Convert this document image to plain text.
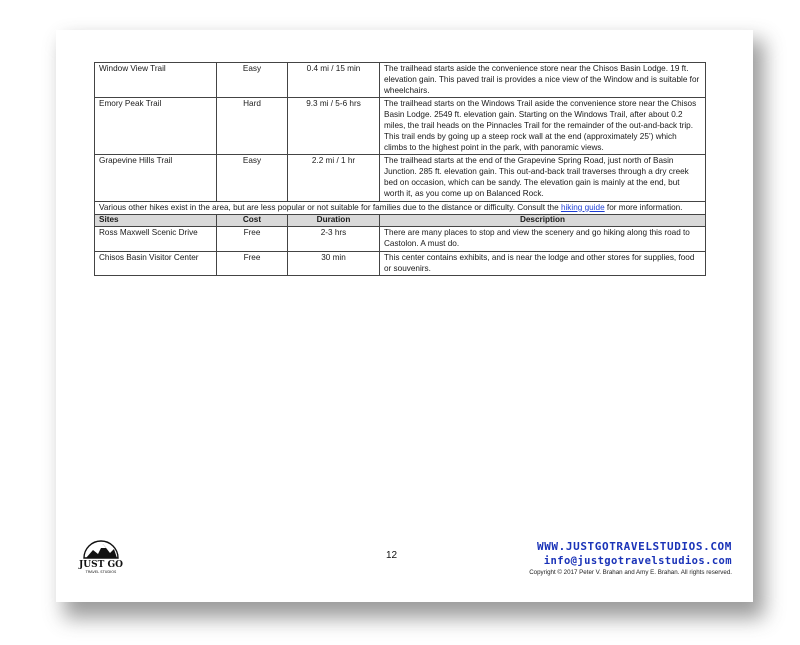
Window View Trail	Easy	0.4 mi / 15 min	The trailhead starts aside the convenience store near the Chisos Basin Lodge. 19 ft. elevation gain. This paved trail is provides a nice view of the Window and is suitable for wheelchairs.
Emory Peak Trail	Hard	9.3 mi / 5-6 hrs	The trailhead starts on the Windows Trail aside the convenience store near the Chisos Basin Lodge. 2549 ft. elevation gain. Starting on the Windows Trail, after about 0.2 miles, the trail heads on the Pinnacles Trail for the remainder of the out-and-back trip. This trail ends by going up a steep rock wall at the end (approximately 25’) which climbs to the highest point in the park, with panoramic views.
Grapevine Hills Trail	Easy	2.2 mi / 1 hr	The trailhead starts at the end of the Grapevine Spring Road, just north of Basin Junction. 285 ft. elevation gain. This out-and-back trail traverses through a dry creek bed on occasion, which can be sandy. The elevation gain is mainly at the end, but worth it, as you come up on Balanced Rock.
Various other hikes exist in the area, but are less popular or not suitable for families due to the distance or difficulty. Consult the hiking guide for more information.			
Sites	Cost	Duration	Description
Ross Maxwell Scenic Drive	Free	2-3 hrs	There are many places to stop and view the scenery and go hiking along this road to Castolon. A must do.
Chisos Basin Visitor Center	Free	30 min	This center contains exhibits, and is near the lodge and other stores for supplies, food or souvenirs.
JUST GO
TRAVEL STUDIOS
12
WWW.JUSTGOTRAVELSTUDIOS.COM
info@justgotravelstudios.com
Copyright © 2017 Peter V. Brahan and Amy E. Brahan. All rights reserved.
